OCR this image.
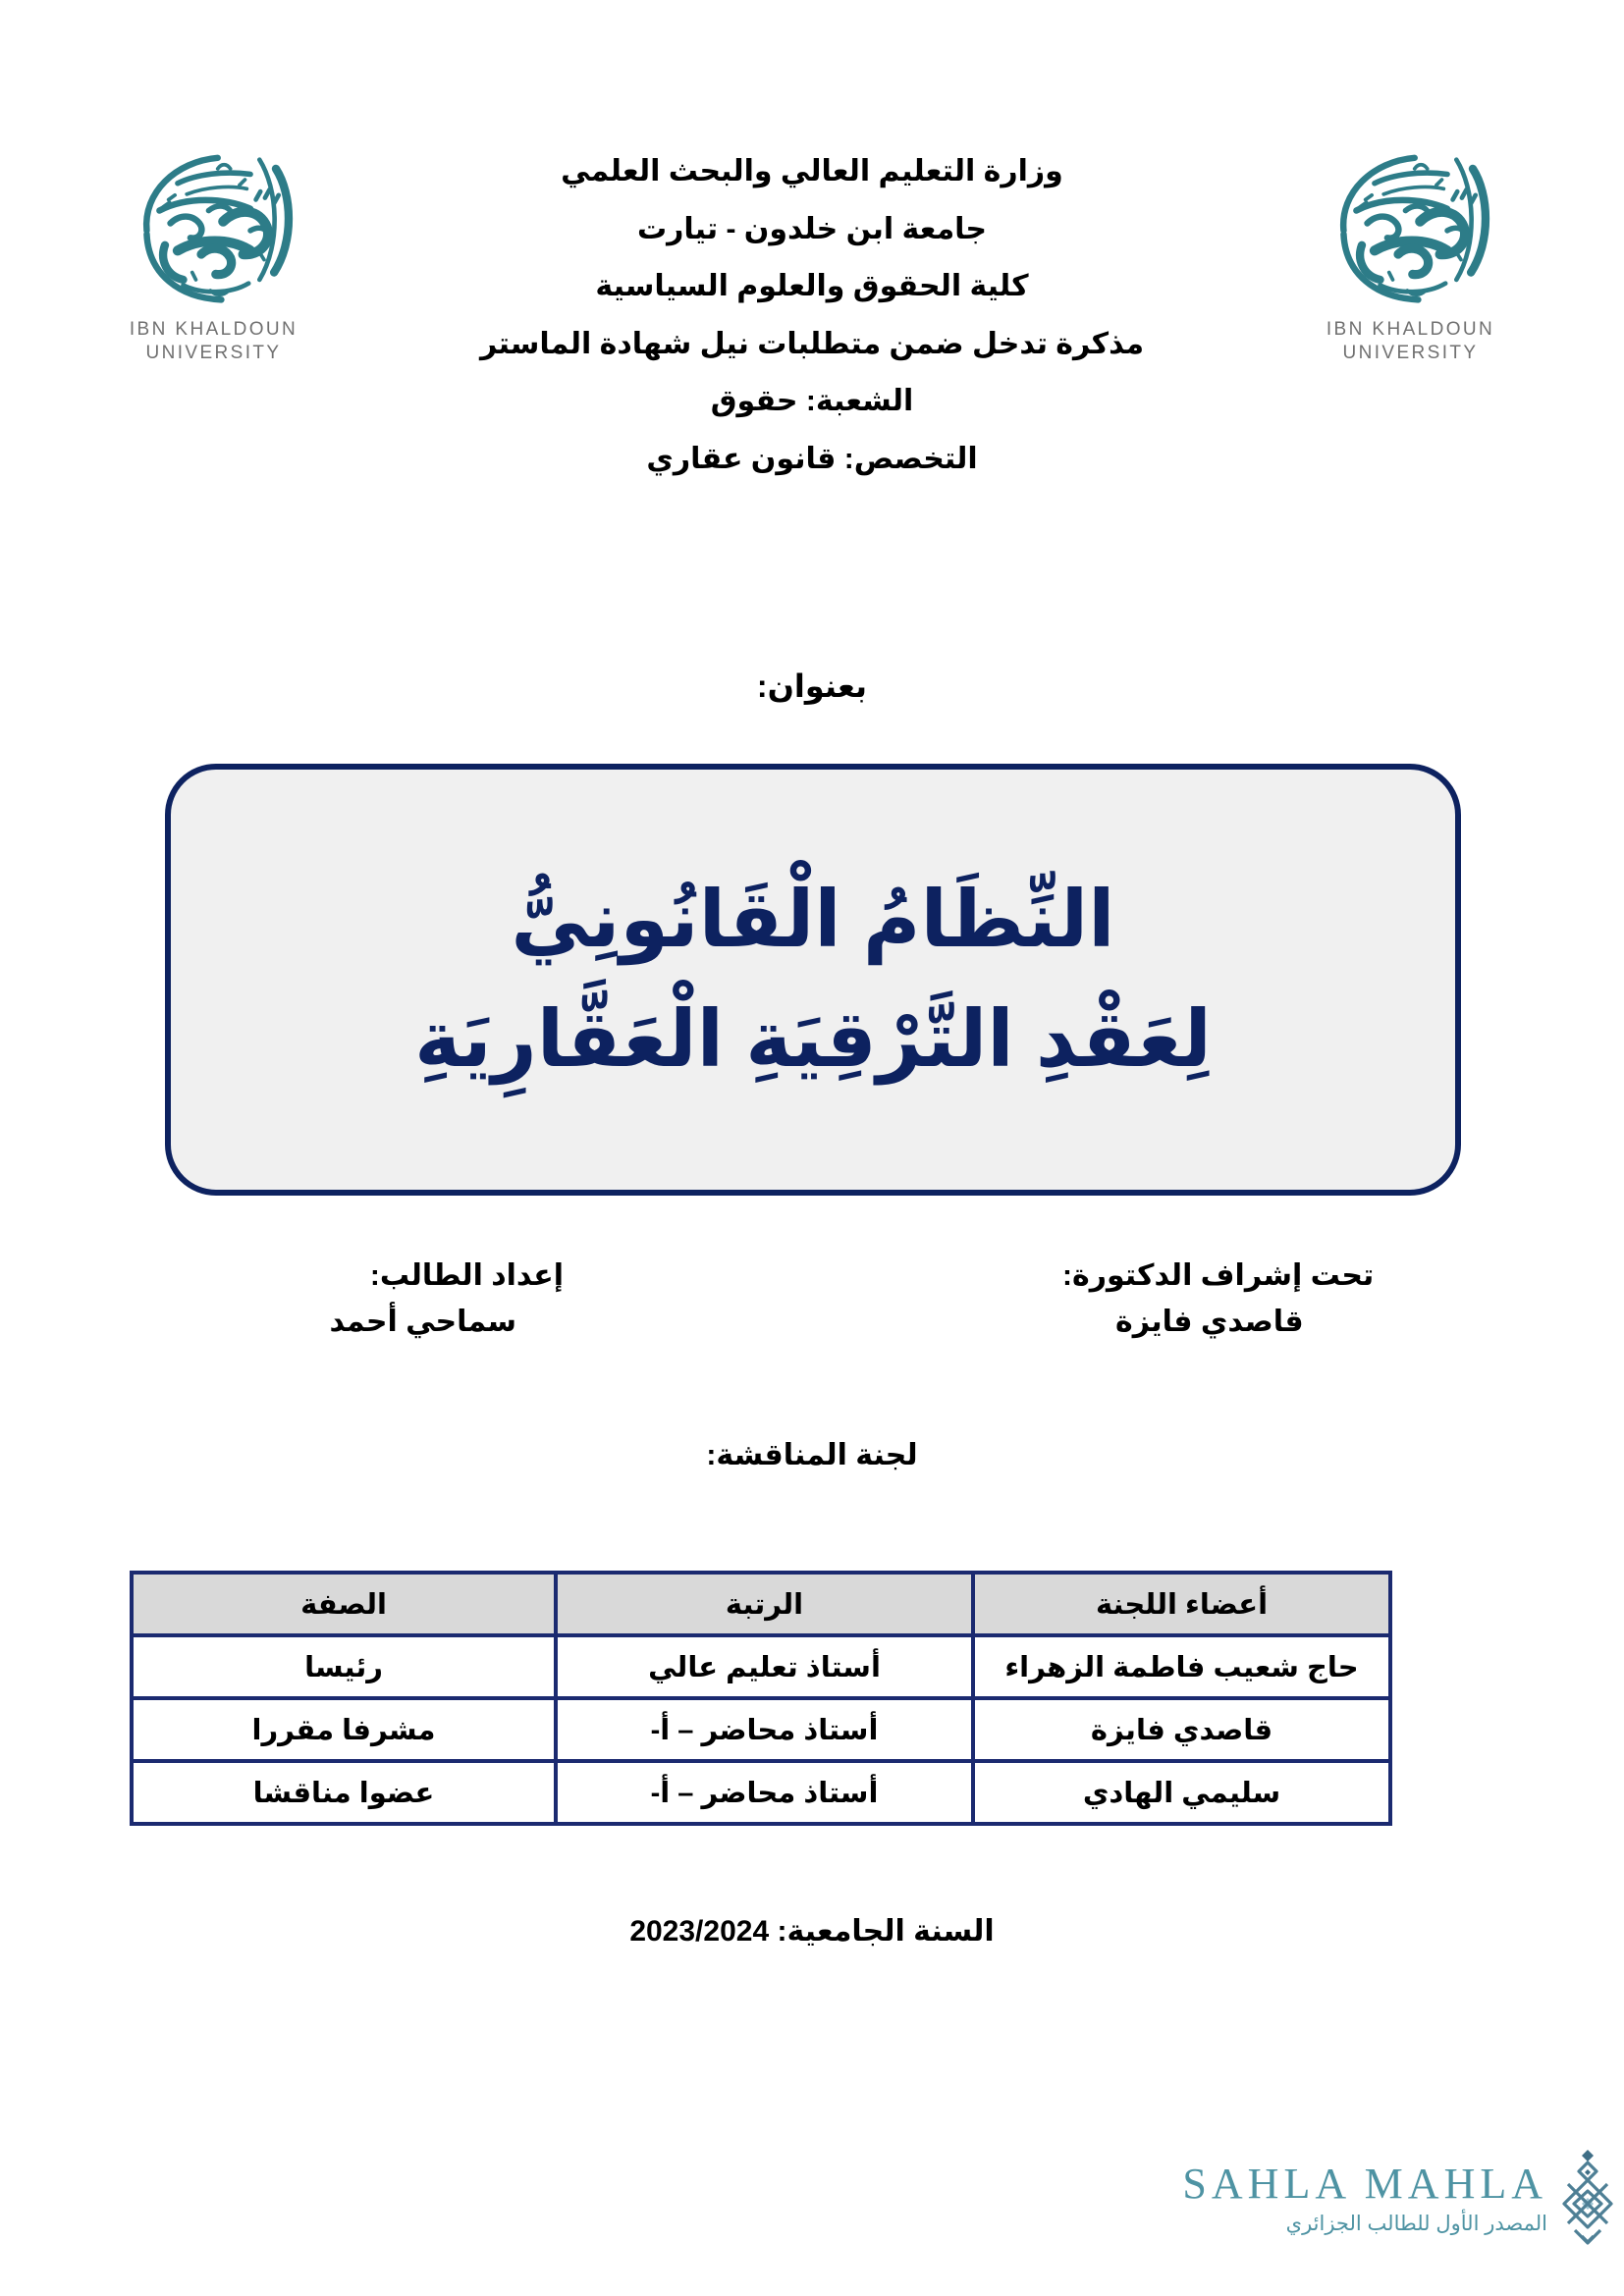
IBN KHALDOUN
UNIVERSITY
وزارة التعليم العالي والبحث العلمي
جامعة ابن خلدون - تيارت
كلية الحقوق والعلوم السياسية
مذكرة تدخل ضمن متطلبات نيل شهادة الماستر
الشعبة: حقوق
التخصص: قانون عقاري
IBN KHALDOUN
UNIVERSITY
بعنوان:
النِّظَامُ الْقَانُونِيُّ
لِعَقْدِ التَّرْقِيَةِ الْعَقَّارِيَةِ
إعداد الطالب:
سماحي أحمد
تحت إشراف الدكتورة:
قاصدي فايزة
لجنة المناقشة:
أعضاء اللجنة	الرتبة	الصفة
حاج شعيب فاطمة الزهراء	أستاذ تعليم عالي	رئيسا
قاصدي فايزة	أستاذ محاضر – أ-	مشرفا مقررا
سليمي الهادي	أستاذ محاضر – أ-	عضوا مناقشا
السنة الجامعية: 2023/2024
SAHLA MAHLA
المصدر الأول للطالب الجزائري
